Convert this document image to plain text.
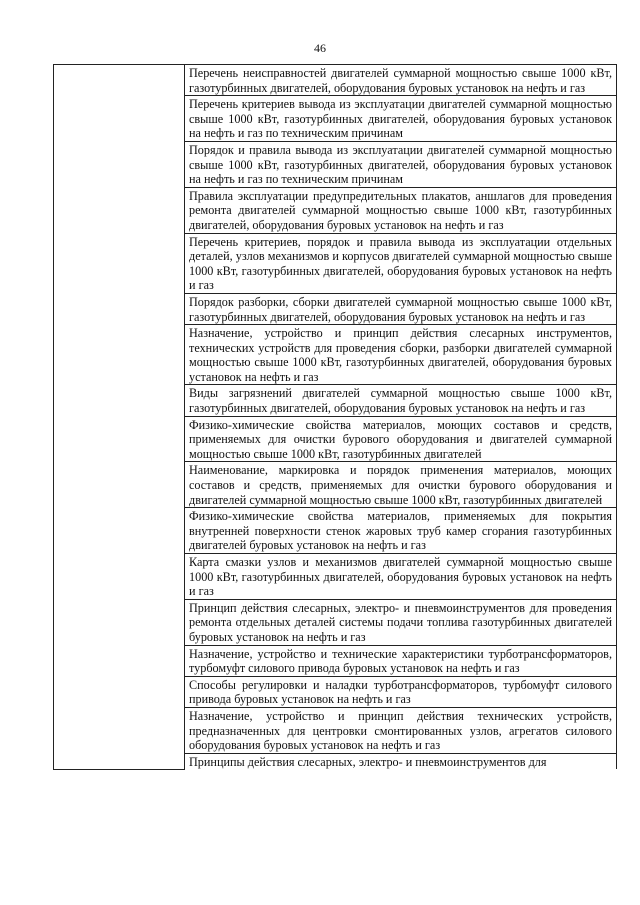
46
	Перечень неисправностей двигателей суммарной мощностью свыше 1000 кВт, газотурбинных двигателей, оборудования буровых установок на нефть и газ
Перечень критериев вывода из эксплуатации двигателей суммарной мощностью свыше 1000 кВт, газотурбинных двигателей, оборудования буровых установок на нефть и газ по техническим причинам
Порядок и правила вывода из эксплуатации двигателей суммарной мощностью свыше 1000 кВт, газотурбинных двигателей, оборудования буровых установок на нефть и газ по техническим причинам
Правила эксплуатации предупредительных плакатов, аншлагов для проведения ремонта двигателей суммарной мощностью свыше 1000 кВт, газотурбинных двигателей, оборудования буровых установок на нефть и газ
Перечень критериев, порядок и правила вывода из эксплуатации отдельных деталей, узлов механизмов и корпусов двигателей суммарной мощностью свыше 1000 кВт, газотурбинных двигателей, оборудования буровых установок на нефть и газ
Порядок разборки, сборки двигателей суммарной мощностью свыше 1000 кВт, газотурбинных двигателей, оборудования буровых установок на нефть и газ
Назначение, устройство и принцип действия слесарных инструментов, технических устройств для проведения сборки, разборки двигателей суммарной мощностью свыше 1000 кВт, газотурбинных двигателей, оборудования буровых установок на нефть и газ
Виды загрязнений двигателей суммарной мощностью свыше 1000 кВт, газотурбинных двигателей, оборудования буровых установок на нефть и газ
Физико-химические свойства материалов, моющих составов и средств, применяемых для очистки бурового оборудования и двигателей суммарной мощностью свыше 1000 кВт, газотурбинных двигателей
Наименование, маркировка и порядок применения материалов, моющих составов и средств, применяемых для очистки бурового оборудования и двигателей суммарной мощностью свыше 1000 кВт, газотурбинных двигателей
Физико-химические свойства материалов, применяемых для покрытия внутренней поверхности стенок жаровых труб камер сгорания газотурбинных двигателей буровых установок на нефть и газ
Карта смазки узлов и механизмов двигателей суммарной мощностью свыше 1000 кВт, газотурбинных двигателей, оборудования буровых установок на нефть и газ
Принцип действия слесарных, электро- и пневмоинструментов для проведения ремонта отдельных деталей системы подачи топлива газотурбинных двигателей буровых установок на нефть и газ
Назначение, устройство и технические характеристики турботрансформаторов, турбомуфт силового привода буровых установок на нефть и газ
Способы регулировки и наладки турботрансформаторов, турбомуфт силового привода буровых установок на нефть и газ
Назначение, устройство и принцип действия технических устройств, предназначенных для центровки смонтированных узлов, агрегатов силового оборудования буровых установок на нефть и газ
Принципы действия слесарных, электро- и пневмоинструментов для
